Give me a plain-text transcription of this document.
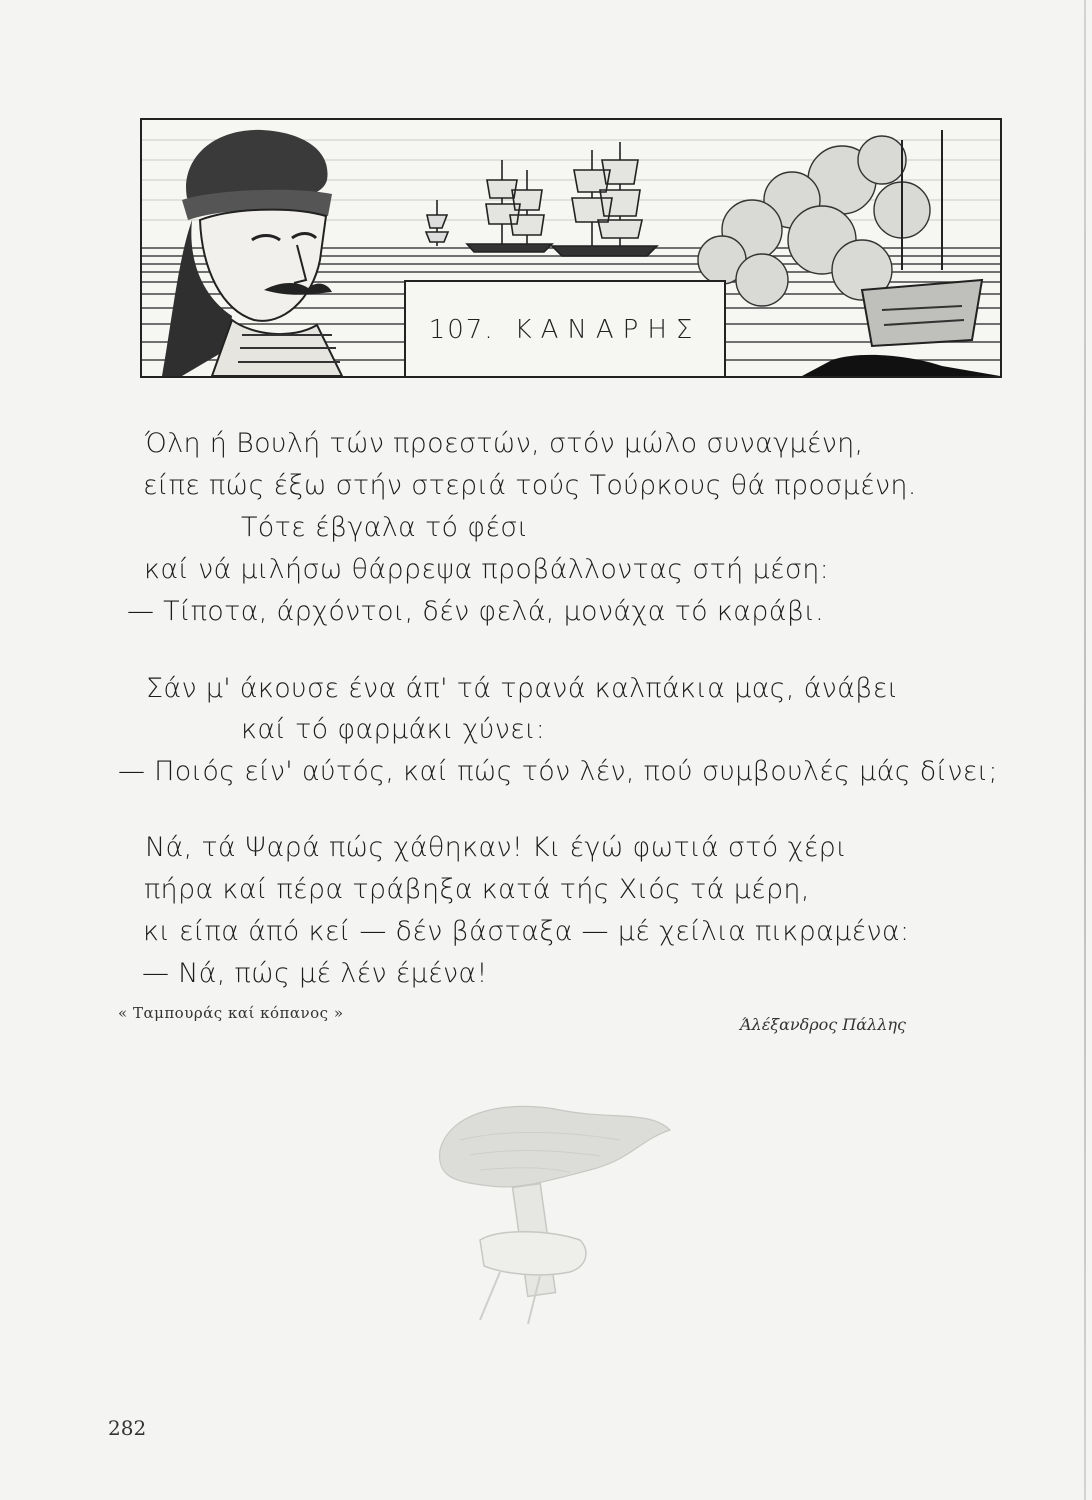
107. ΚΑΝΑΡΗΣ
Όλη ή Βουλή τών προεστών, στόν μώλο συναγμένη,
είπε πώς έξω στήν στεριά τούς Τούρκους θά προσμένη.
Τότε έβγαλα τό φέσι
καί νά μιλήσω θάρρεψα προβάλλοντας στή μέση:
— Τίποτα, άρχόντοι, δέν φελά, μονάχα τό καράβι.
Σάν μ' άκουσε ένα άπ' τά τρανά καλπάκια μας, άνάβει
καί τό φαρμάκι χύνει:
— Ποιός είν' αύτός, καί πώς τόν λέν, πού συμβουλές μάς δίνει;
Νά, τά Ψαρά πώς χάθηκαν! Κι έγώ φωτιά στό χέρι
πήρα καί πέρα τράβηξα κατά τής Χιός τά μέρη,
κι είπα άπό κεί — δέν βάσταξα — μέ χείλια πικραμένα:
— Νά, πώς μέ λέν έμένα!
« Ταμπουράς καί κόπανος »
Άλέξανδρος Πάλλης
282
